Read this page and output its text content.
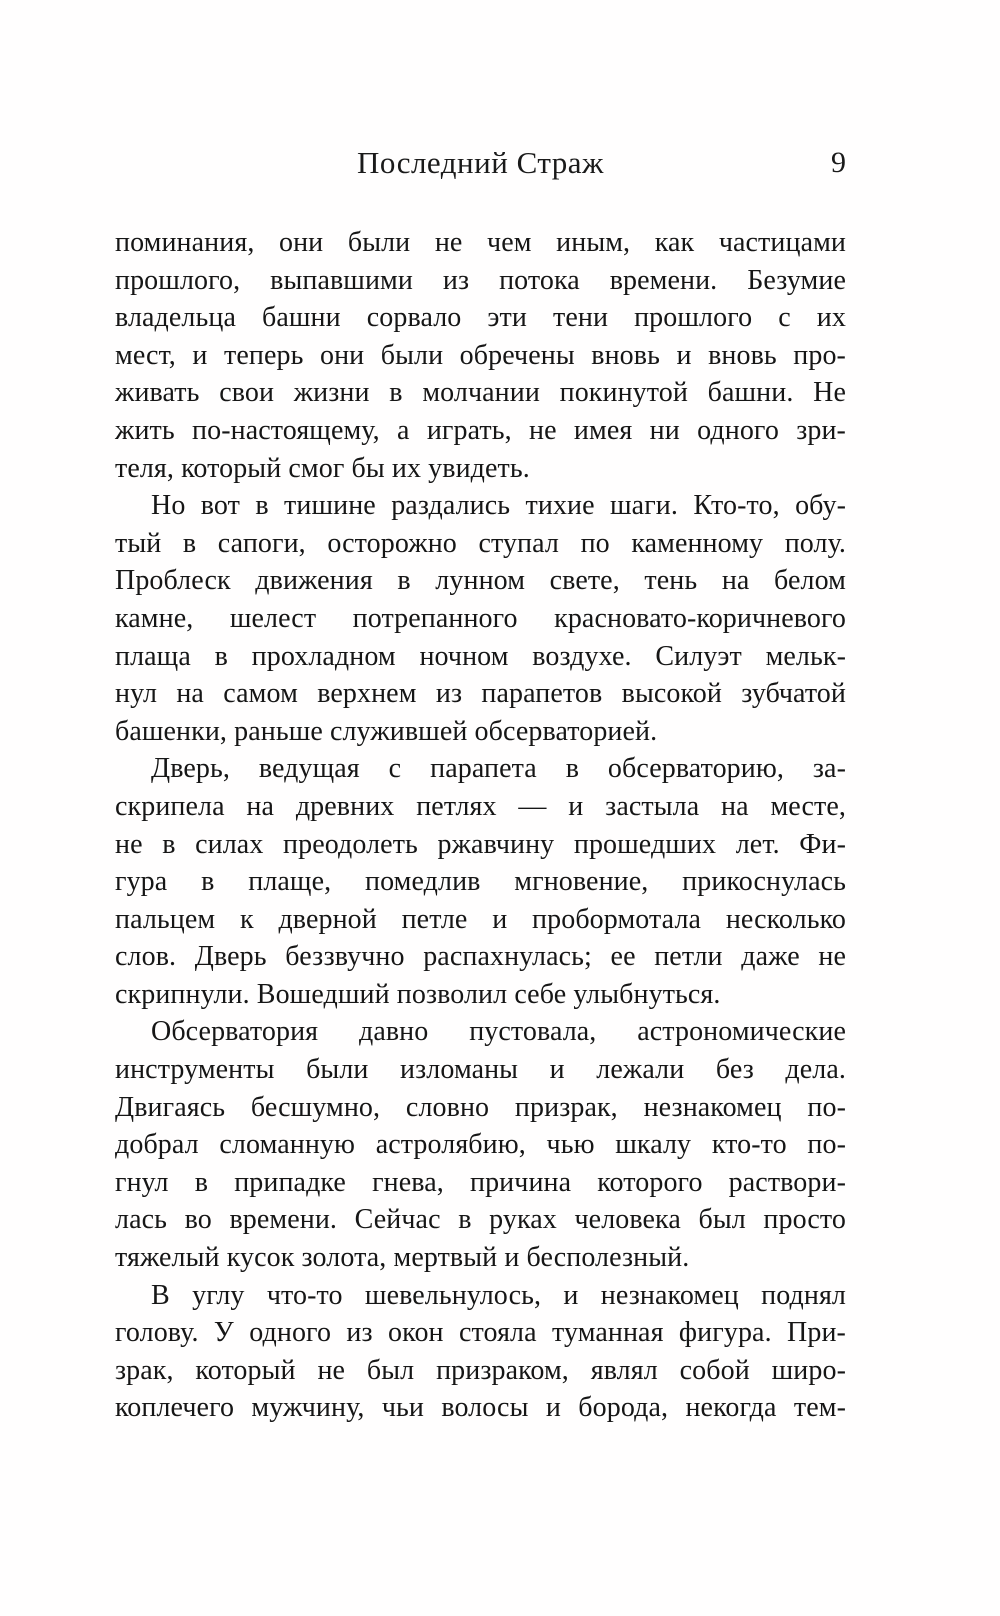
Последний Страж	9
поминания, они были не чем иным, как частицами
прошлого, выпавшими из потока времени. Безумие
владельца башни сорвало эти тени прошлого с их
мест, и теперь они были обречены вновь и вновь про-
живать свои жизни в молчании покинутой башни. Не
жить по-настоящему, а играть, не имея ни одного зри-
теля, который смог бы их увидеть.
Но вот в тишине раздались тихие шаги. Кто-то, обу-
тый в сапоги, осторожно ступал по каменному полу.
Проблеск движения в лунном свете, тень на белом
камне, шелест потрепанного красновато-коричневого
плаща в прохладном ночном воздухе. Силуэт мельк-
нул на самом верхнем из парапетов высокой зубчатой
башенки, раньше служившей обсерваторией.
Дверь, ведущая с парапета в обсерваторию, за-
скрипела на древних петлях — и застыла на месте,
не в силах преодолеть ржавчину прошедших лет. Фи-
гура в плаще, помедлив мгновение, прикоснулась
пальцем к дверной петле и пробормотала несколько
слов. Дверь беззвучно распахнулась; ее петли даже не
скрипнули. Вошедший позволил себе улыбнуться.
Обсерватория давно пустовала, астрономические
инструменты были изломаны и лежали без дела.
Двигаясь бесшумно, словно призрак, незнакомец по-
добрал сломанную астролябию, чью шкалу кто-то по-
гнул в припадке гнева, причина которого раствори-
лась во времени. Сейчас в руках человека был просто
тяжелый кусок золота, мертвый и бесполезный.
В углу что-то шевельнулось, и незнакомец поднял
голову. У одного из окон стояла туманная фигура. При-
зрак, который не был призраком, являл собой широ-
коплечего мужчину, чьи волосы и борода, некогда тем-
